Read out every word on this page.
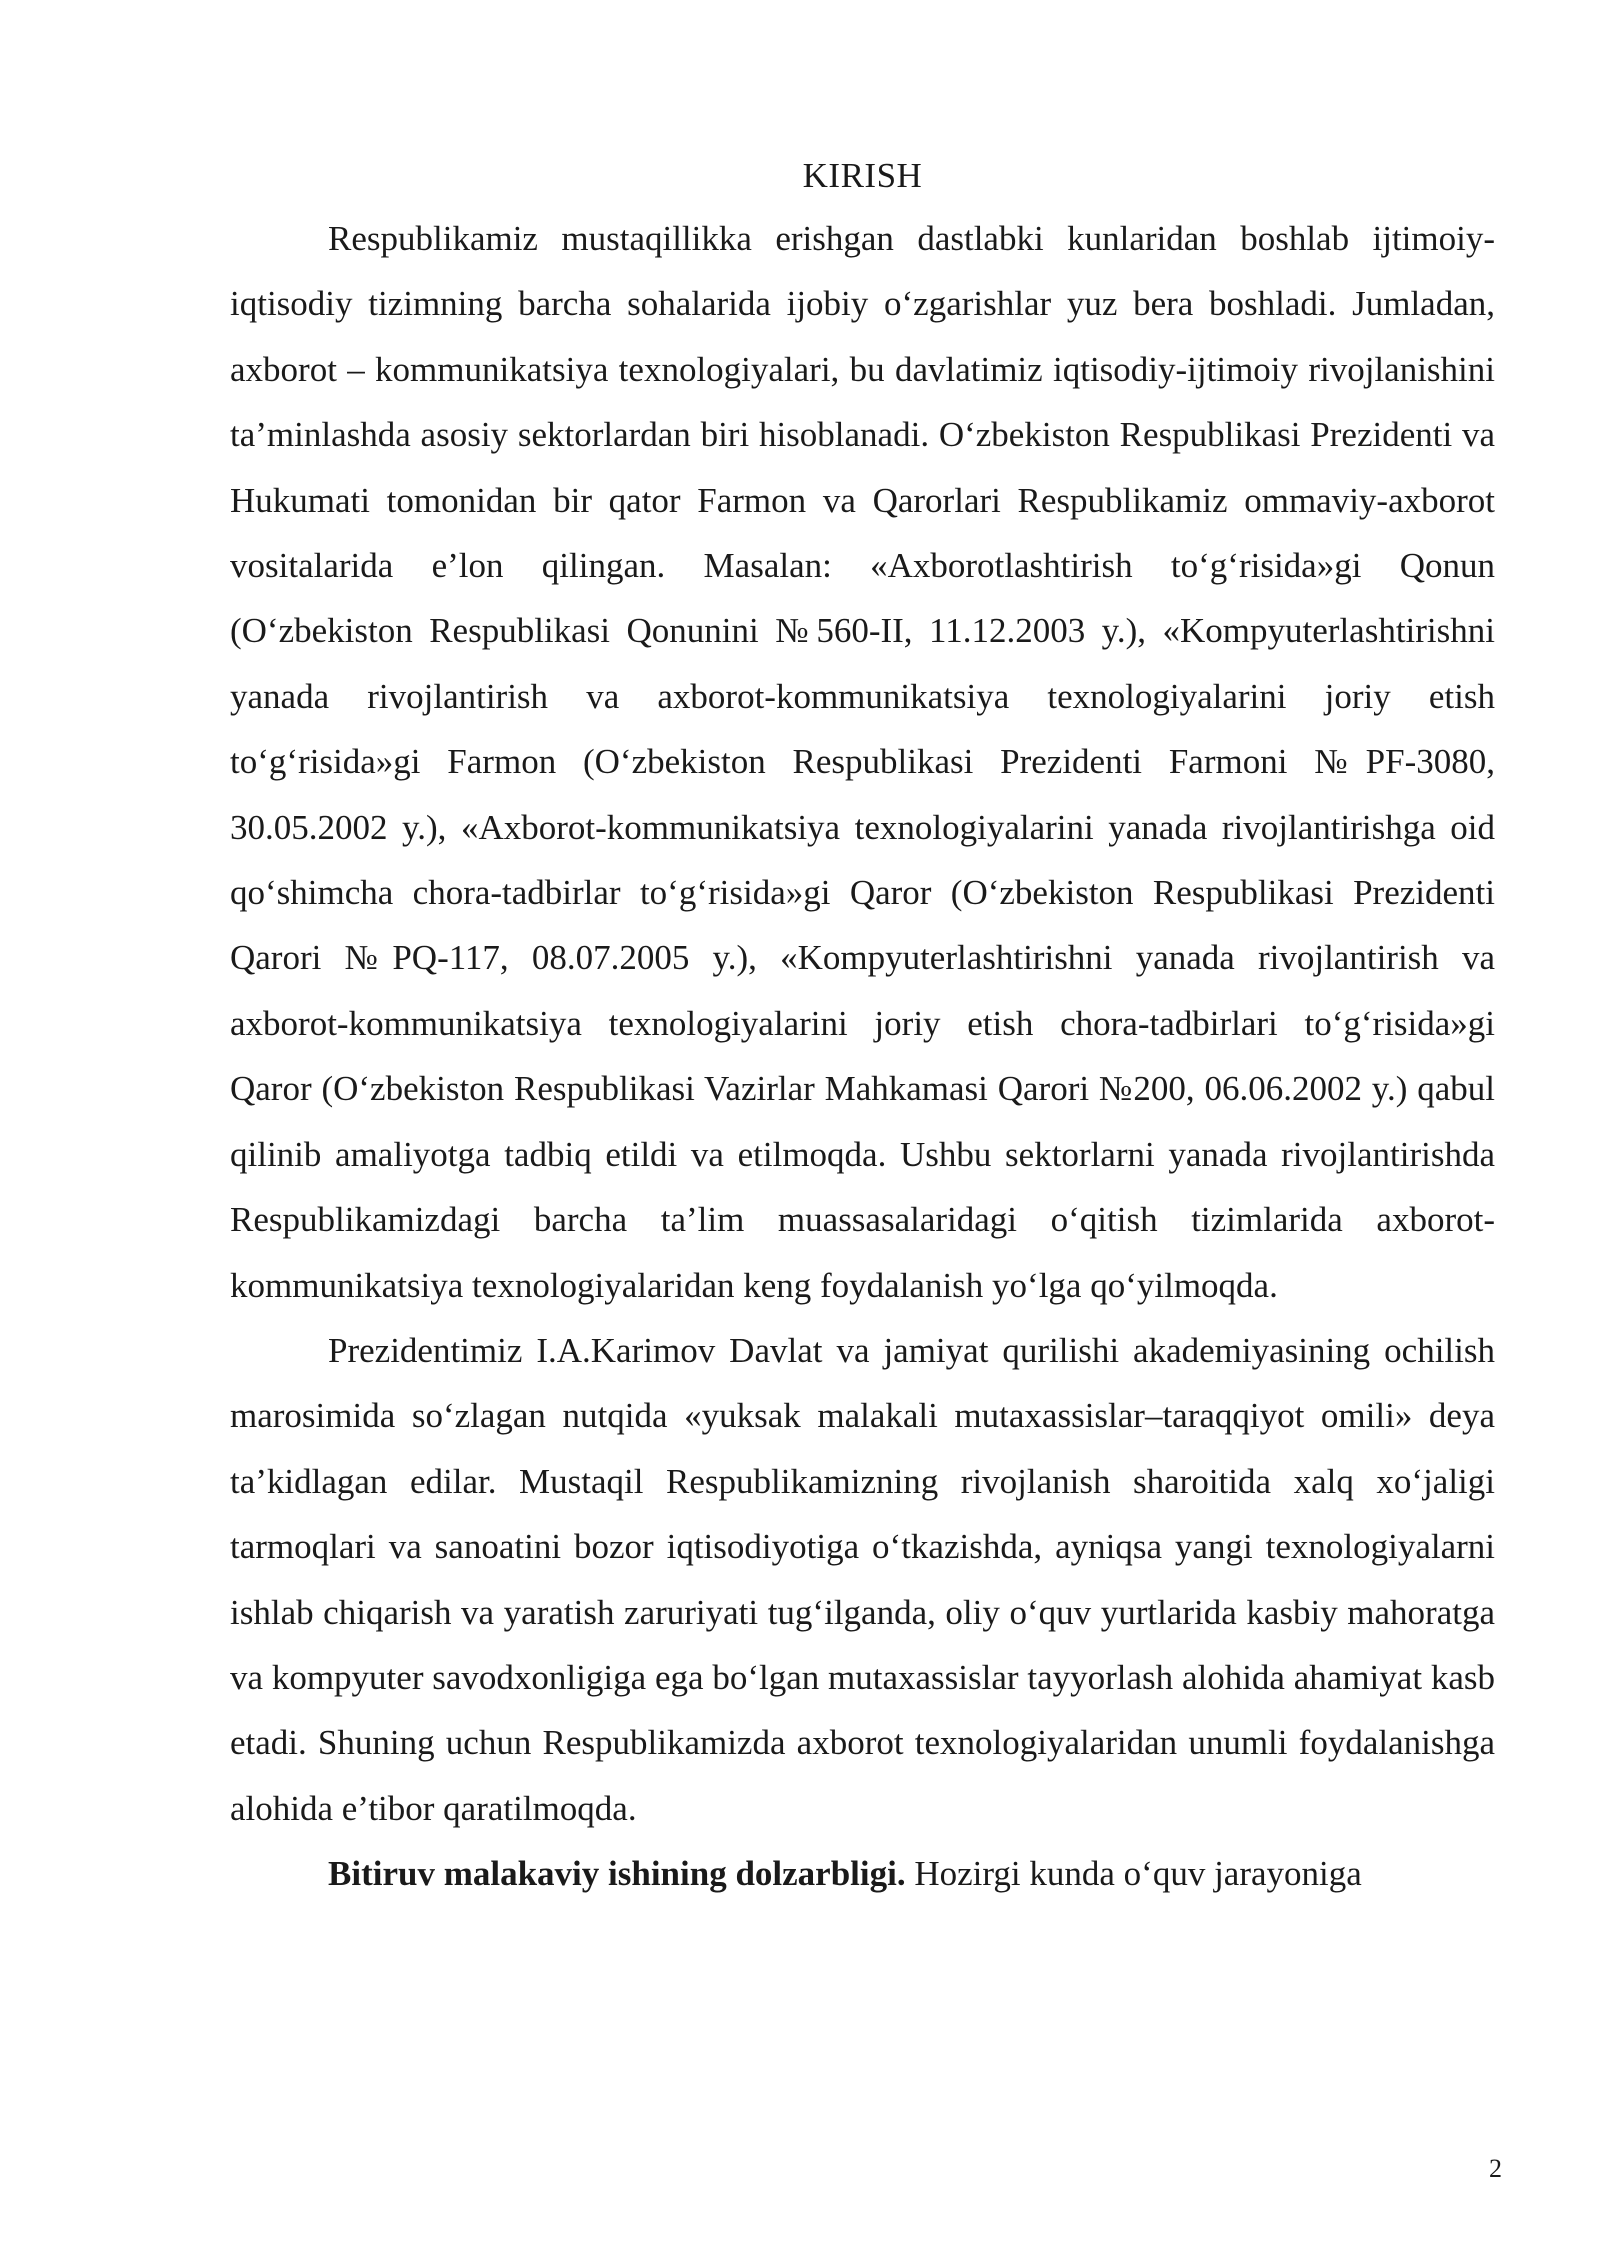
KIRISH

Respublikamiz mustaqillikka erishgan dastlabki kunlaridan boshlab ijtimoiy-iqtisodiy tizimning barcha sohalarida ijobiy o‘zgarishlar yuz bera boshladi. Jumladan, axborot – kommunikatsiya texnologiyalari, bu davlatimiz iqtisodiy-ijtimoiy rivojlanishini ta’minlashda asosiy sektorlardan biri hisoblanadi. O‘zbekiston Respublikasi Prezidenti va Hukumati tomonidan bir qator Farmon va Qarorlari Respublikamiz ommaviy-axborot vositalarida e’lon qilingan. Masalan: «Axborotlashtirish to‘g‘risida»gi Qonun (O‘zbekiston Respublikasi Qonunini №560-II, 11.12.2003 y.), «Kompyuterlashtirishni yanada rivojlantirish va axborot-kommunikatsiya texnologiyalarini joriy etish to‘g‘risida»gi Farmon (O‘zbekiston Respublikasi Prezidenti Farmoni №PF-3080, 30.05.2002 y.), «Axborot-kommunikatsiya texnologiyalarini yanada rivojlantirishga oid qo‘shimcha chora-tadbirlar to‘g‘risida»gi Qaror (O‘zbekiston Respublikasi Prezidenti Qarori №PQ-117, 08.07.2005 y.), «Kompyuterlashtirishni yanada rivojlantirish va axborot-kommunikatsiya texnologiyalarini joriy etish chora-tadbirlari to‘g‘risida»gi Qaror (O‘zbekiston Respublikasi Vazirlar Mahkamasi Qarori №200, 06.06.2002 y.) qabul qilinib amaliyotga tadbiq etildi va etilmoqda. Ushbu sektorlarni yanada rivojlantirishda Respublikamizdagi barcha ta’lim muassasalaridagi o‘qitish tizimlarida axborot-kommunikatsiya texnologiyalaridan keng foydalanish yo‘lga qo‘yilmoqda.

Prezidentimiz I.A.Karimov Davlat va jamiyat qurilishi akademiyasining ochilish marosimida so‘zlagan nutqida «yuksak malakali mutaxassislar–taraqqiyot omili» deya ta’kidlagan edilar. Mustaqil Respublikamizning rivojlanish sharoitida xalq xo‘jaligi tarmoqlari va sanoatini bozor iqtisodiyotiga o‘tkazishda, ayniqsa yangi texnologiyalarni ishlab chiqarish va yaratish zaruriyati tug‘ilganda, oliy o‘quv yurtlarida kasbiy mahoratga va kompyuter savodxonligiga ega bo‘lgan mutaxassislar tayyorlash alohida ahamiyat kasb etadi. Shuning uchun Respublikamizda axborot texnologiyalaridan unumli foydalanishga alohida e’tibor qaratilmoqda.

Bitiruv malakaviy ishining dolzarbligi. Hozirgi kunda o‘quv jarayoniga

2
